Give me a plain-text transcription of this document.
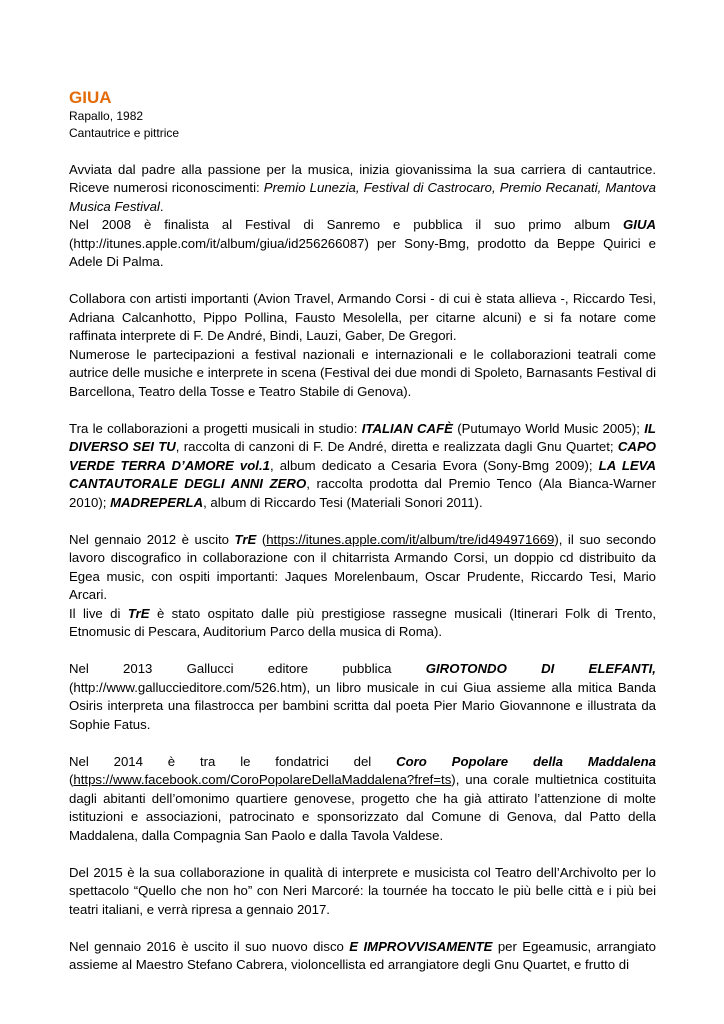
GIUA

Rapallo, 1982

Cantautrice e pittrice

Avviata dal padre alla passione per la musica, inizia giovanissima la sua carriera di cantautrice. Riceve numerosi riconoscimenti: Premio Lunezia, Festival di Castrocaro, Premio Recanati, Mantova Musica Festival.
Nel 2008 è finalista al Festival di Sanremo e pubblica il suo primo album GIUA (http://itunes.apple.com/it/album/giua/id256266087) per Sony-Bmg, prodotto da Beppe Quirici e Adele Di Palma.

Collabora con artisti importanti (Avion Travel, Armando Corsi - di cui è stata allieva -, Riccardo Tesi, Adriana Calcanhotto, Pippo Pollina, Fausto Mesolella, per citarne alcuni) e si fa notare come raffinata interprete di F. De André, Bindi, Lauzi, Gaber, De Gregori.
Numerose le partecipazioni a festival nazionali e internazionali e le collaborazioni teatrali come autrice delle musiche e interprete in scena (Festival dei due mondi di Spoleto, Barnasants Festival di Barcellona, Teatro della Tosse e Teatro Stabile di Genova).

Tra le collaborazioni a progetti musicali in studio: ITALIAN CAFÈ (Putumayo World Music 2005); IL DIVERSO SEI TU, raccolta di canzoni di F. De André, diretta e realizzata dagli Gnu Quartet; CAPO VERDE TERRA D’AMORE vol.1, album dedicato a Cesaria Evora (Sony-Bmg 2009); LA LEVA CANTAUTORALE DEGLI ANNI ZERO, raccolta prodotta dal Premio Tenco (Ala Bianca-Warner 2010); MADREPERLA, album di Riccardo Tesi (Materiali Sonori 2011).

Nel gennaio 2012 è uscito TrE (https://itunes.apple.com/it/album/tre/id494971669), il suo secondo lavoro discografico in collaborazione con il chitarrista Armando Corsi, un doppio cd distribuito da Egea music, con ospiti importanti: Jaques Morelenbaum, Oscar Prudente, Riccardo Tesi, Mario Arcari.
Il live di TrE è stato ospitato dalle più prestigiose rassegne musicali (Itinerari Folk di Trento, Etnomusic di Pescara, Auditorium Parco della musica di Roma).

Nel	2013	Gallucci	editore	pubblica	GIROTONDO	DI	ELEFANTI,

(http://www.galluccieditore.com/526.htm), un libro musicale in cui Giua assieme alla mitica Banda Osiris interpreta una filastrocca per bambini scritta dal poeta Pier Mario Giovannone e illustrata da Sophie Fatus.

Nel 2014 è tra le fondatrici del Coro Popolare della Maddalena

(https://www.facebook.com/CoroPopolareDellaMaddalena?fref=ts), una corale multietnica costituita dagli abitanti dell’omonimo quartiere genovese, progetto che ha già attirato l’attenzione di molte istituzioni e associazioni, patrocinato e sponsorizzato dal Comune di Genova, dal Patto della Maddalena, dalla Compagnia San Paolo e dalla Tavola Valdese.

Del 2015 è la sua collaborazione in qualità di interprete e musicista col Teatro dell’Archivolto per lo spettacolo “Quello che non ho” con Neri Marcoré: la tournée ha toccato le più belle città e i più bei teatri italiani, e verrà ripresa a gennaio 2017.

Nel gennaio 2016 è uscito il suo nuovo disco E IMPROVVISAMENTE per Egeamusic, arrangiato assieme al Maestro Stefano Cabrera, violoncellista ed arrangiatore degli Gnu Quartet, e frutto di
